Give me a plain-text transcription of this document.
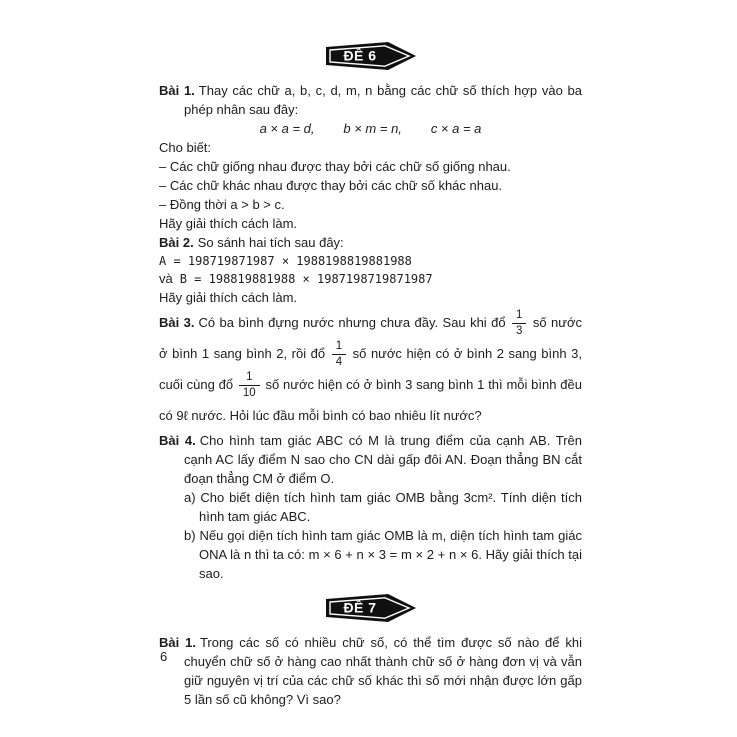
ĐỀ 6

Bài 1. Thay các chữ a, b, c, d, m, n bằng các chữ số thích hợp vào ba phép nhân sau đây:

a × a = d,        b × m = n,        c × a = a

Cho biết:

– Các chữ giống nhau được thay bởi các chữ số giống nhau.

– Các chữ khác nhau được thay bởi các chữ số khác nhau.

– Đồng thời a > b > c.

Hãy giải thích cách làm.

Bài 2. So sánh hai tích sau đây:

A = 198719871987 × 1988198819881988

và B = 198819881988 × 1987198719871987

Hãy giải thích cách làm.

Bài 3. Có ba bình đựng nước nhưng chưa đầy. Sau khi đổ $\frac{1}{3}$ số nước ở bình 1 sang bình 2, rồi đổ $\frac{1}{4}$ số nước hiện có ở bình 2 sang bình 3, cuối cùng đổ $\frac{1}{10}$ số nước hiện có ở bình 3 sang bình 1 thì mỗi bình đều có 9ℓ nước. Hỏi lúc đầu mỗi bình có bao nhiêu lít nước?

Bài 4. Cho hình tam giác ABC có M là trung điểm của cạnh AB. Trên cạnh AC lấy điểm N sao cho CN dài gấp đôi AN. Đoạn thẳng BN cắt đoạn thẳng CM ở điểm O.

a) Cho biết diện tích hình tam giác OMB bằng 3cm². Tính diện tích hình tam giác ABC.

b) Nếu gọi diện tích hình tam giác OMB là m, diện tích hình tam giác ONA là n thì ta có: m × 6 + n × 3 = m × 2 + n × 6. Hãy giải thích tại sao.

ĐỀ 7

Bài 1. Trong các số có nhiều chữ số, có thể tìm được số nào để khi chuyển chữ số ở hàng cao nhất thành chữ số ở hàng đơn vị và vẫn giữ nguyên vị trí của các chữ số khác thì số mới nhận được lớn gấp 5 lần số cũ không? Vì sao?

6
